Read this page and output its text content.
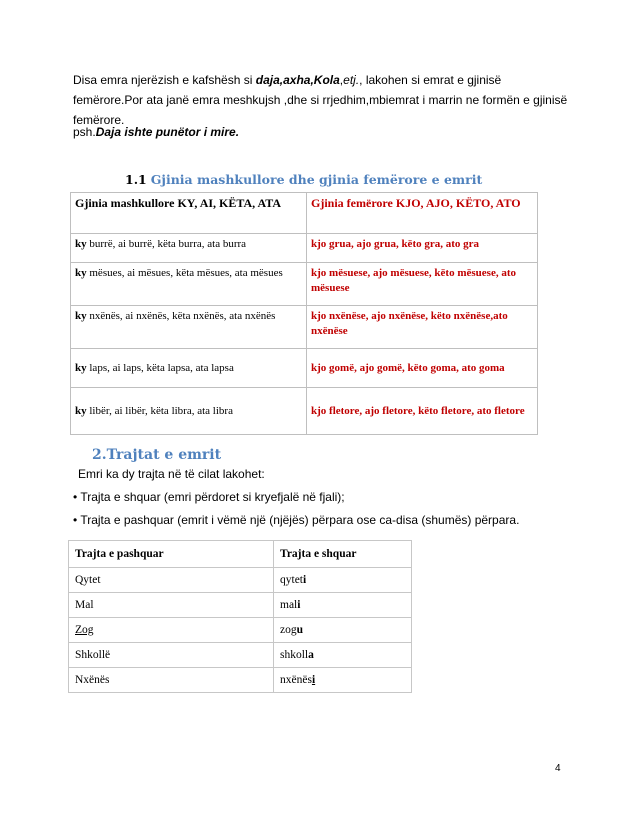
Disa emra njerëzish e kafshësh si daja,axha,Kola,etj., lakohen si emrat e gjinisë femërore.Por ata janë emra meshkujsh ,dhe si rrjedhim,mbiemrat i marrin ne formën e gjinisë femërore.
psh.Daja ishte punëtor i mire.
1.1 Gjinia mashkullore dhe gjinia femërore e emrit
Gjinia mashkullore KY, AI, KËTA, ATA	Gjinia femërore KJO, AJO, KËTO, ATO
ky burrë, ai burrë, këta burra, ata burra	kjo grua, ajo grua, këto gra, ato gra
ky mësues, ai mësues, këta mësues, ata mësues	kjo mësuese, ajo mësuese, këto mësuese, ato mësuese
ky nxënës, ai nxënës, këta nxënës, ata nxënës	kjo nxënëse, ajo nxënëse, këto nxënëse,ato nxënëse
ky laps, ai laps, këta lapsa, ata lapsa	kjo gomë, ajo gomë, këto goma, ato goma
ky libër, ai libër, këta libra, ata libra	kjo fletore, ajo fletore, këto fletore, ato fletore
2.Trajtat e emrit
Emri ka dy trajta në të cilat lakohet:
• Trajta e shquar (emri përdoret si kryefjalë në fjali);
• Trajta e pashquar (emrit i vëmë një (njëjës) përpara ose ca-disa (shumës) përpara.
Trajta e pashquar	Trajta e shquar
Qytet	qyteti
Mal	mali
Zog	zogu
Shkollë	shkolla
Nxënës	nxënësi
4
